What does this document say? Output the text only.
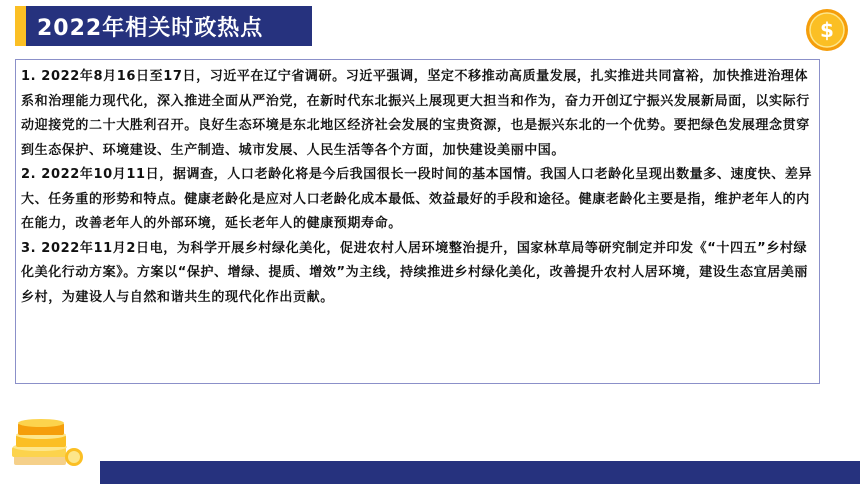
2022年相关时政热点	$

1. 2022年8月16日至17日，习近平在辽宁省调研。习近平强调，坚定不移推动高质量发展，扎实推进共同富裕，加快推进治理体系和治理能力现代化，深入推进全面从严治党，在新时代东北振兴上展现更大担当和作为，奋力开创辽宁振兴发展新局面，以实际行动迎接党的二十大胜利召开。良好生态环境是东北地区经济社会发展的宝贵资源，也是振兴东北的一个优势。要把绿色发展理念贯穿到生态保护、环境建设、生产制造、城市发展、人民生活等各个方面，加快建设美丽中国。

2. 2022年10月11日，据调查，人口老龄化将是今后我国很长一段时间的基本国情。我国人口老龄化呈现出数量多、速度快、差异大、任务重的形势和特点。健康老龄化是应对人口老龄化成本最低、效益最好的手段和途径。健康老龄化主要是指，维护老年人的内在能力，改善老年人的外部环境，延长老年人的健康预期寿命。

3. 2022年11月2日电，为科学开展乡村绿化美化，促进农村人居环境整治提升，国家林草局等研究制定并印发《“十四五”乡村绿化美化行动方案》。方案以“保护、增绿、提质、增效”为主线，持续推进乡村绿化美化，改善提升农村人居环境，建设生态宜居美丽乡村，为建设人与自然和谐共生的现代化作出贡献。
